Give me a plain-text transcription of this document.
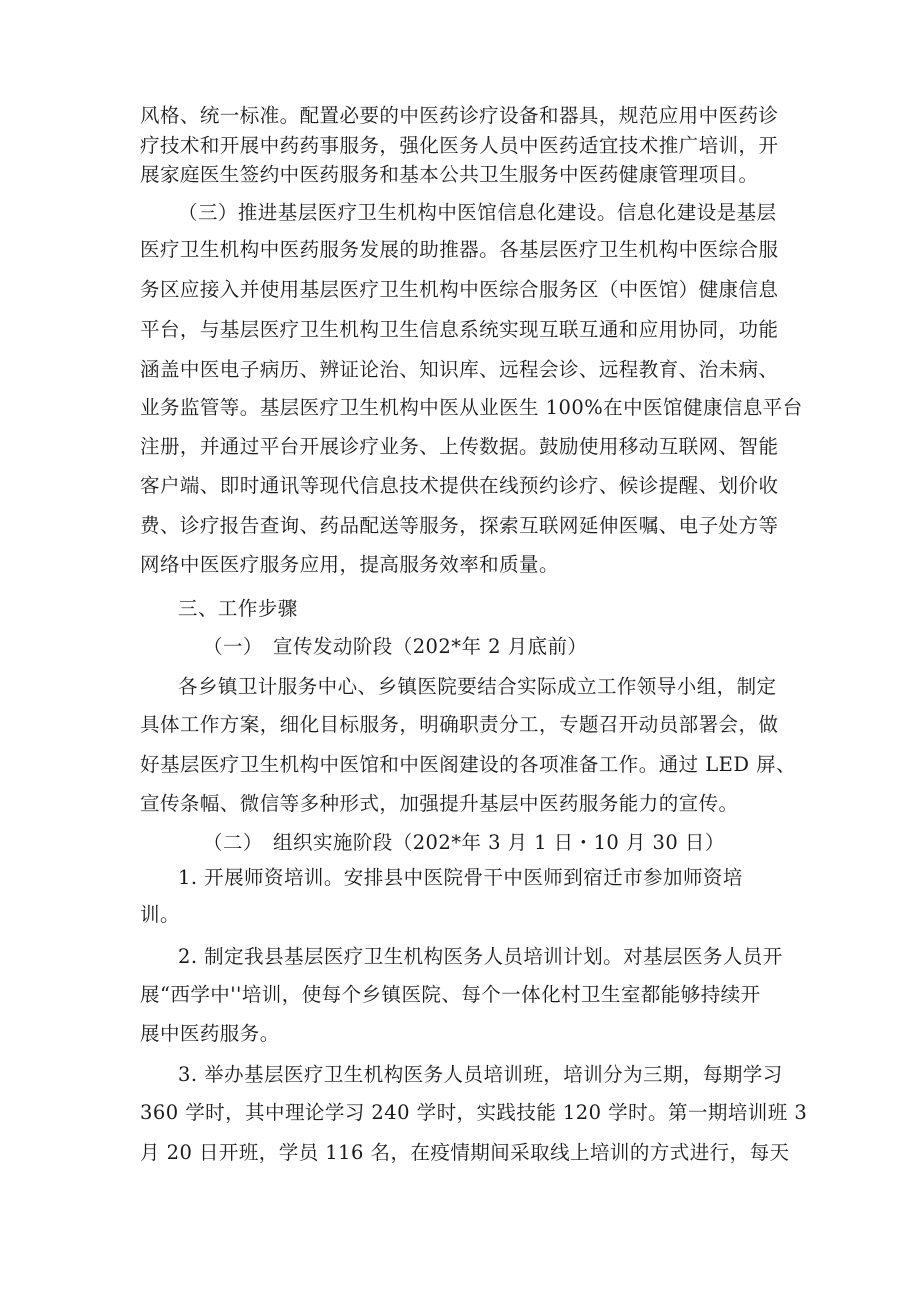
风格、统一标准。配置必要的中医药诊疗设备和器具，规范应用中医药诊
疗技术和开展中药药事服务，强化医务人员中医药适宜技术推广培训，开
展家庭医生签约中医药服务和基本公共卫生服务中医药健康管理项目。
（三）推进基层医疗卫生机构中医馆信息化建设。信息化建设是基层
医疗卫生机构中医药服务发展的助推器。各基层医疗卫生机构中医综合服
务区应接入并使用基层医疗卫生机构中医综合服务区（中医馆）健康信息
平台，与基层医疗卫生机构卫生信息系统实现互联互通和应用协同，功能
涵盖中医电子病历、辨证论治、知识库、远程会诊、远程教育、治未病、
业务监管等。基层医疗卫生机构中医从业医生 100%在中医馆健康信息平台
注册，并通过平台开展诊疗业务、上传数据。鼓励使用移动互联网、智能
客户端、即时通讯等现代信息技术提供在线预约诊疗、候诊提醒、划价收
费、诊疗报告查询、药品配送等服务，探索互联网延伸医嘱、电子处方等
网络中医医疗服务应用，提高服务效率和质量。
三、工作步骤
（一）　宣传发动阶段（202*年 2 月底前）
各乡镇卫计服务中心、乡镇医院要结合实际成立工作领导小组，制定
具体工作方案，细化目标服务，明确职责分工，专题召开动员部署会，做
好基层医疗卫生机构中医馆和中医阁建设的各项准备工作。通过 LED 屏、
宣传条幅、微信等多种形式，加强提升基层中医药服务能力的宣传。
（二）　组织实施阶段（202*年 3 月 1 日・10 月 30 日）
1. 开展师资培训。安排县中医院骨干中医师到宿迁市参加师资培
训。
2. 制定我县基层医疗卫生机构医务人员培训计划。对基层医务人员开
展“西学中''培训，使每个乡镇医院、每个一体化村卫生室都能够持续开
展中医药服务。
3. 举办基层医疗卫生机构医务人员培训班，培训分为三期，每期学习
360 学时，其中理论学习 240 学时，实践技能 120 学时。第一期培训班 3
月 20 日开班，学员 116 名，在疫情期间采取线上培训的方式进行，每天
